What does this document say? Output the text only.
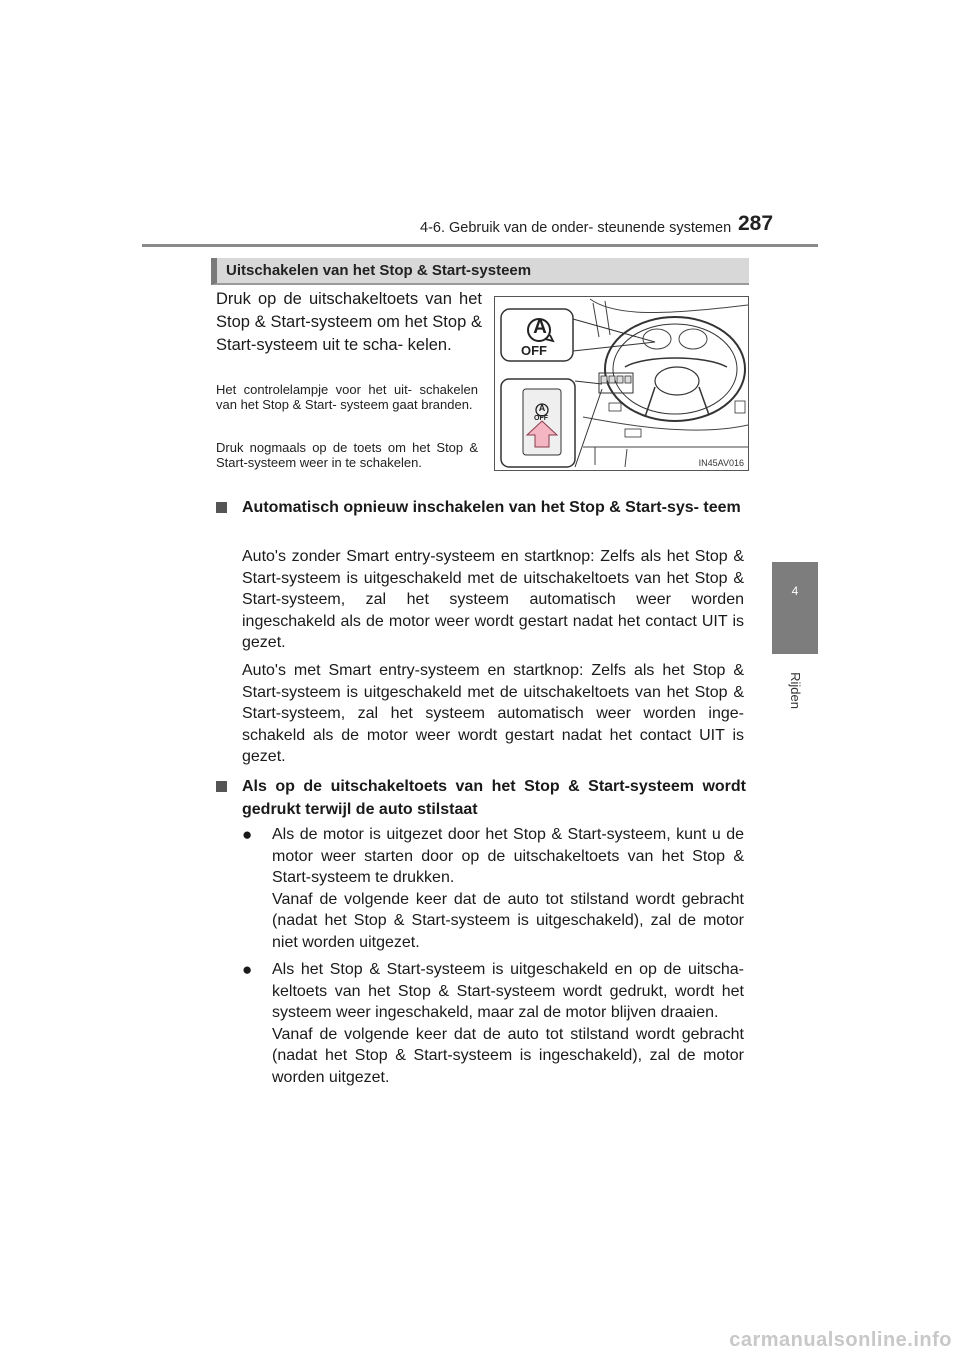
4-6. Gebruik van de onder- steunende systemen 287
4
Rijden
Uitschakelen van het Stop & Start-systeem
Druk op de uitschakeltoets van het Stop & Start-systeem om het Stop & Start-systeem uit te scha- kelen.
Het controlelampje voor het uit- schakelen van het Stop & Start- systeem gaat branden.
Druk nogmaals op de toets om het Stop & Start-systeem weer in te schakelen.
A
OFF
A
OFF
IN45AV016
Automatisch opnieuw inschakelen van het Stop & Start-sys- teem
Auto's zonder Smart entry-systeem en startknop: Zelfs als het Stop & Start-systeem is uitgeschakeld met de uitschakeltoets van het Stop & Start-systeem, zal het systeem automatisch weer worden ingeschakeld als de motor weer wordt gestart nadat het contact UIT is gezet.
Auto's met Smart entry-systeem en startknop: Zelfs als het Stop & Start-systeem is uitgeschakeld met de uitschakeltoets van het Stop & Start-systeem, zal het systeem automatisch weer worden inge- schakeld als de motor weer wordt gestart nadat het contact UIT is gezet.
Als op de uitschakeltoets van het Stop & Start-systeem wordt gedrukt terwijl de auto stilstaat
● Als de motor is uitgezet door het Stop & Start-systeem, kunt u de motor weer starten door op de uitschakeltoets van het Stop & Start-systeem te drukken.
Vanaf de volgende keer dat de auto tot stilstand wordt gebracht (nadat het Stop & Start-systeem is uitgeschakeld), zal de motor niet worden uitgezet.
● Als het Stop & Start-systeem is uitgeschakeld en op de uitscha- keltoets van het Stop & Start-systeem wordt gedrukt, wordt het systeem weer ingeschakeld, maar zal de motor blijven draaien.
Vanaf de volgende keer dat de auto tot stilstand wordt gebracht (nadat het Stop & Start-systeem is ingeschakeld), zal de motor worden uitgezet.
carmanualsonline.info
